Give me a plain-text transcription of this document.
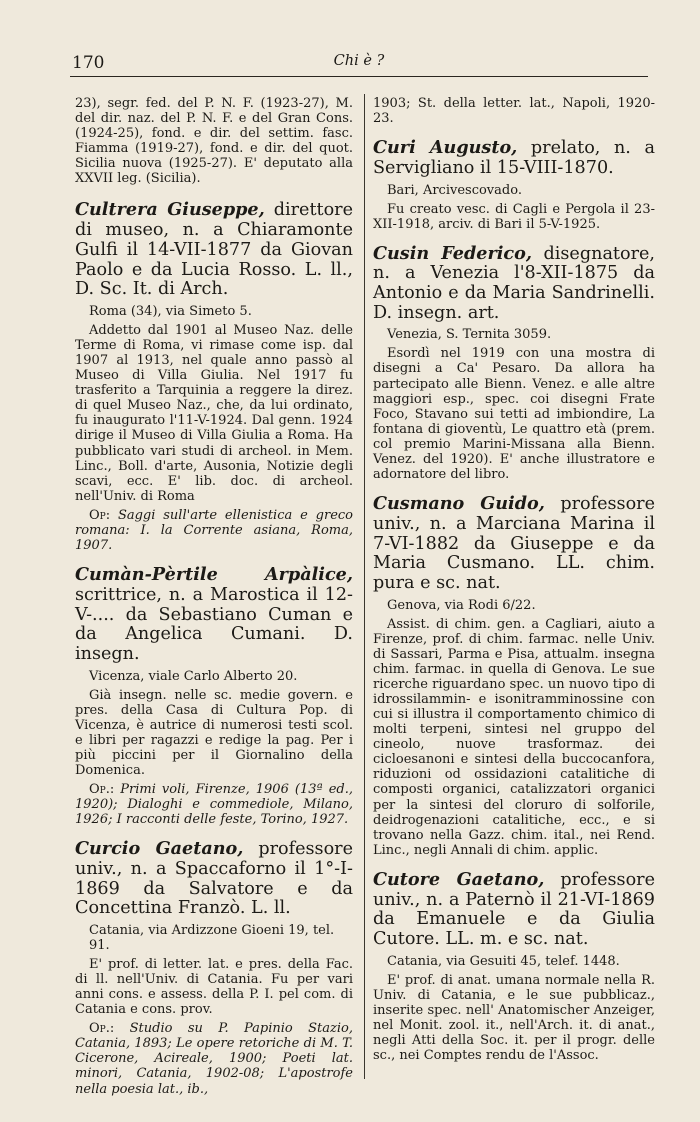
170	Chi è ?

23), segr. fed. del P. N. F. (1923-27), M. del dir. naz. del P. N. F. e del Gran Cons. (1924-25), fond. e dir. del settim. fasc. Fiamma (1919-27), fond. e dir. del quot. Sicilia nuova (1925-27). E' deputato alla XXVII leg. (Sicilia).

Cultrera Giuseppe, direttore di museo, n. a Chiaramonte Gulfi il 14-VII-1877 da Giovan Paolo e da Lucia Rosso. L. ll., D. Sc. It. di Arch.

Roma (34), via Simeto 5.

Addetto dal 1901 al Museo Naz. delle Terme di Roma, vi rimase come isp. dal 1907 al 1913, nel quale anno passò al Museo di Villa Giulia. Nel 1917 fu trasferito a Tarquinia a reggere la direz. di quel Museo Naz., che, da lui ordinato, fu inaugurato l'11-V-1924. Dal genn. 1924 dirige il Museo di Villa Giulia a Roma. Ha pubblicato vari studi di archeol. in Mem. Linc., Boll. d'arte, Ausonia, Notizie degli scavi, ecc. E' lib. doc. di archeol. nell'Univ. di Roma

Op: Saggi sull'arte ellenistica e greco romana: I. la Corrente asiana, Roma, 1907.

Cumàn-Pèrtile Arpàlice, scrittrice, n. a Marostica il 12-V-.... da Sebastiano Cuman e da Angelica Cumani. D. insegn.

Vicenza, viale Carlo Alberto 20.

Già insegn. nelle sc. medie govern. e pres. della Casa di Cultura Pop. di Vicenza, è autrice di numerosi testi scol. e libri per ragazzi e redige la pag. Per i più piccini per il Giornalino della Domenica.

Op.: Primi voli, Firenze, 1906 (13ª ed., 1920); Dialoghi e commediole, Milano, 1926; I racconti delle feste, Torino, 1927.

Curcio Gaetano, professore univ., n. a Spaccaforno il 1°-I-1869 da Salvatore e da Concettina Franzò. L. ll.

Catania, via Ardizzone Gioeni 19, tel. 91.

E' prof. di letter. lat. e pres. della Fac. di ll. nell'Univ. di Catania. Fu per vari anni cons. e assess. della P. I. pel com. di Catania e cons. prov.

Op.: Studio su P. Papinio Stazio, Catania, 1893; Le opere retoriche di M. T. Cicerone, Acireale, 1900; Poeti lat. minori, Catania, 1902-08; L'apostrofe nella poesia lat., ib.,

1903; St. della letter. lat., Napoli, 1920-23.

Curi Augusto, prelato, n. a Servigliano il 15-VIII-1870.

Bari, Arcivescovado.

Fu creato vesc. di Cagli e Pergola il 23-XII-1918, arciv. di Bari il 5-V-1925.

Cusin Federico, disegnatore, n. a Venezia l'8-XII-1875 da Antonio e da Maria Sandrinelli. D. insegn. art.

Venezia, S. Ternita 3059.

Esordì nel 1919 con una mostra di disegni a Ca' Pesaro. Da allora ha partecipato alle Bienn. Venez. e alle altre maggiori esp., spec. coi disegni Frate Foco, Stavano sui tetti ad imbiondire, La fontana di gioventù, Le quattro età (prem. col premio Marini-Missana alla Bienn. Venez. del 1920). E' anche illustratore e adornatore del libro.

Cusmano Guido, professore univ., n. a Marciana Marina il 7-VI-1882 da Giuseppe e da Maria Cusmano. LL. chim. pura e sc. nat.

Genova, via Rodi 6/22.

Assist. di chim. gen. a Cagliari, aiuto a Firenze, prof. di chim. farmac. nelle Univ. di Sassari, Parma e Pisa, attualm. insegna chim. farmac. in quella di Genova. Le sue ricerche riguardano spec. un nuovo tipo di idrossilammin- e isonitramminossine con cui si illustra il comportamento chimico di molti terpeni, sintesi nel gruppo del cineolo, nuove trasformaz. dei cicloesanoni e sintesi della buccocanfora, riduzioni od ossidazioni catalitiche di composti organici, catalizzatori organici per la sintesi del cloruro di solforile, deidrogenazioni catalitiche, ecc., e si trovano nella Gazz. chim. ital., nei Rend. Linc., negli Annali di chim. applic.

Cutore Gaetano, professore univ., n. a Paternò il 21-VI-1869 da Emanuele e da Giulia Cutore. LL. m. e sc. nat.

Catania, via Gesuiti 45, telef. 1448.

E' prof. di anat. umana normale nella R. Univ. di Catania, e le sue pubblicaz., inserite spec. nell' Anatomischer Anzeiger, nel Monit. zool. it., nell'Arch. it. di anat., negli Atti della Soc. it. per il progr. delle sc., nei Comptes rendu de l'Assoc.
